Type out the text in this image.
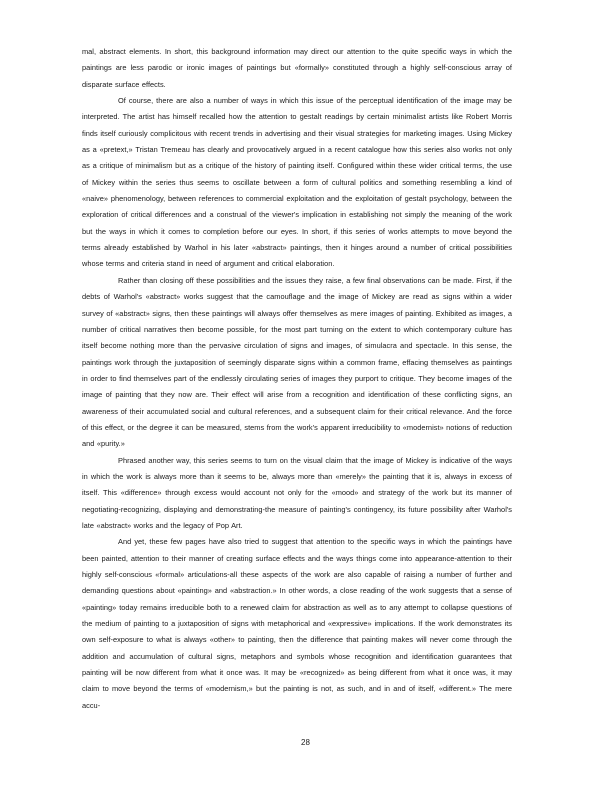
mal, abstract elements. In short, this background information may direct our attention to the quite specific ways in which the paintings are less parodic or ironic images of paintings but «formally» constituted through a highly self-conscious array of disparate surface effects.

Of course, there are also a number of ways in which this issue of the perceptual identification of the image may be interpreted. The artist has himself recalled how the attention to gestalt readings by certain minimalist artists like Robert Morris finds itself curiously complicitous with recent trends in advertising and their visual strategies for marketing images. Using Mickey as a «pretext,» Tristan Tremeau has clearly and provocatively argued in a recent catalogue how this series also works not only as a critique of minimalism but as a critique of the history of painting itself. Configured within these wider critical terms, the use of Mickey within the series thus seems to oscillate between a form of cultural politics and something resembling a kind of «naive» phenomenology, between references to commercial exploitation and the exploitation of gestalt psychology, between the exploration of critical differences and a construal of the viewer's implication in establishing not simply the meaning of the work but the ways in which it comes to completion before our eyes. In short, if this series of works attempts to move beyond the terms already established by Warhol in his later «abstract» paintings, then it hinges around a number of critical possibilities whose terms and criteria stand in need of argument and critical elaboration.

Rather than closing off these possibilities and the issues they raise, a few final observations can be made. First, if the debts of Warhol's «abstract» works suggest that the camouflage and the image of Mickey are read as signs within a wider survey of «abstract» signs, then these paintings will always offer themselves as mere images of painting. Exhibited as images, a number of critical narratives then become possible, for the most part turning on the extent to which contemporary culture has itself become nothing more than the pervasive circulation of signs and images, of simulacra and spectacle. In this sense, the paintings work through the juxtaposition of seemingly disparate signs within a common frame, effacing themselves as paintings in order to find themselves part of the endlessly circulating series of images they purport to critique. They become images of the image of painting that they now are. Their effect will arise from a recognition and identification of these conflicting signs, an awareness of their accumulated social and cultural references, and a subsequent claim for their critical relevance. And the force of this effect, or the degree it can be measured, stems from the work's apparent irreducibility to «modernist» notions of reduction and «purity.»

Phrased another way, this series seems to turn on the visual claim that the image of Mickey is indicative of the ways in which the work is always more than it seems to be, always more than «merely» the painting that it is, always in excess of itself. This «difference» through excess would account not only for the «mood» and strategy of the work but its manner of negotiating-recognizing, displaying and demonstrating-the measure of painting's contingency, its future possibility after Warhol's late «abstract» works and the legacy of Pop Art.

And yet, these few pages have also tried to suggest that attention to the specific ways in which the paintings have been painted, attention to their manner of creating surface effects and the ways things come into appearance-attention to their highly self-conscious «formal» articulations-all these aspects of the work are also capable of raising a number of further and demanding questions about «painting» and «abstraction.» In other words, a close reading of the work suggests that a sense of «painting» today remains irreducible both to a renewed claim for abstraction as well as to any attempt to collapse questions of the medium of painting to a juxtaposition of signs with metaphorical and «expressive» implications. If the work demonstrates its own self-exposure to what is always «other» to painting, then the difference that painting makes will never come through the addition and accumulation of cultural signs, metaphors and symbols whose recognition and identification guarantees that painting will be now different from what it once was. It may be «recognized» as being different from what it once was, it may claim to move beyond the terms of «modernism,» but the painting is not, as such, and in and of itself, «different.» The mere accu-

28
